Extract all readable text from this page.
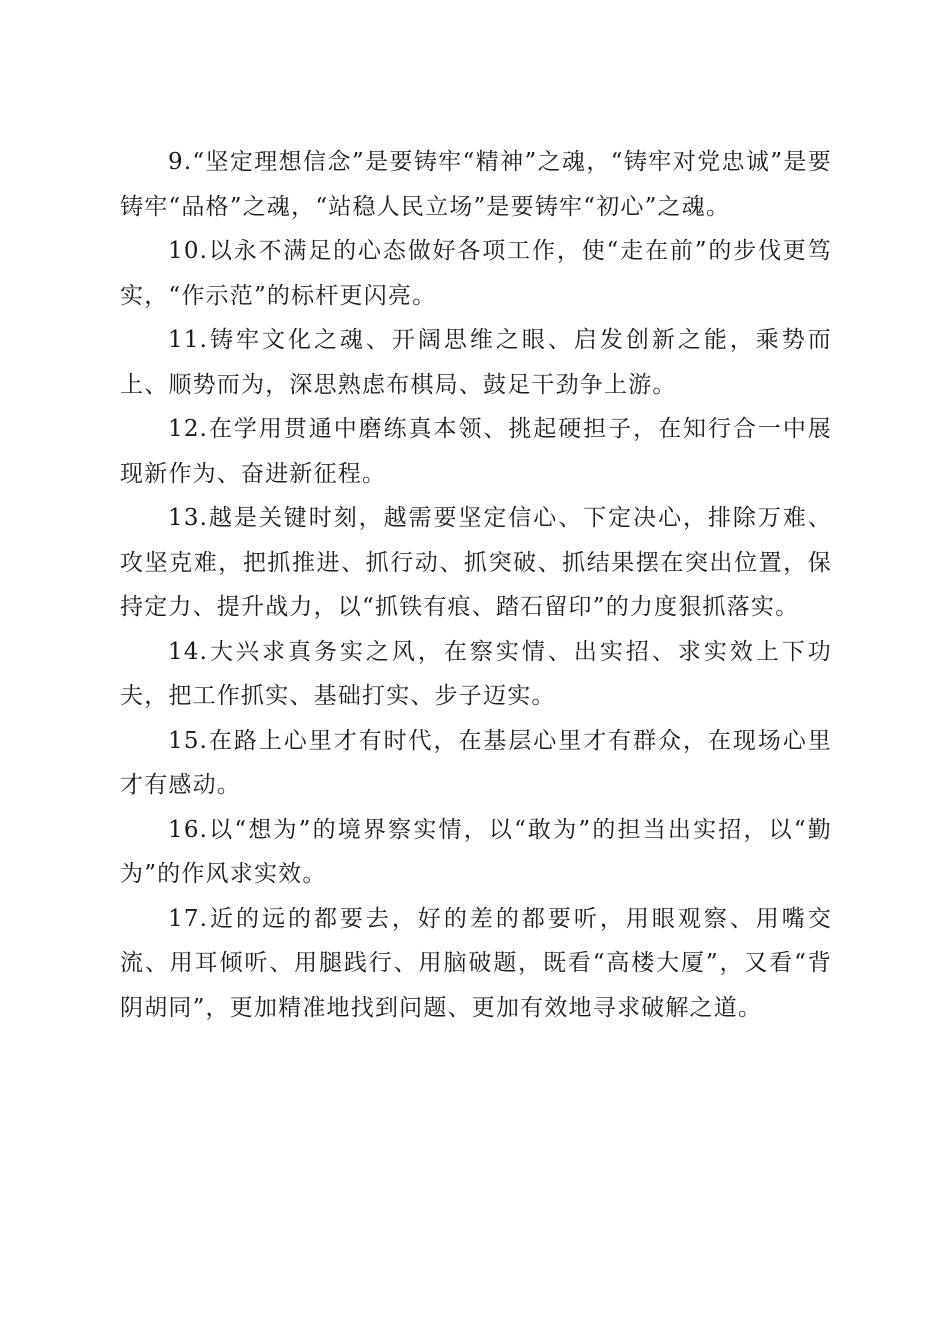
9.“坚定理想信念”是要铸牢“精神”之魂，“铸牢对党忠诚”是要铸牢“品格”之魂，“站稳人民立场”是要铸牢“初心”之魂。

10.以永不满足的心态做好各项工作，使“走在前”的步伐更笃实，“作示范”的标杆更闪亮。

11.铸牢文化之魂、开阔思维之眼、启发创新之能，乘势而上、顺势而为，深思熟虑布棋局、鼓足干劲争上游。

12.在学用贯通中磨练真本领、挑起硬担子，在知行合一中展现新作为、奋进新征程。

13.越是关键时刻，越需要坚定信心、下定决心，排除万难、攻坚克难，把抓推进、抓行动、抓突破、抓结果摆在突出位置，保持定力、提升战力，以“抓铁有痕、踏石留印”的力度狠抓落实。

14.大兴求真务实之风，在察实情、出实招、求实效上下功夫，把工作抓实、基础打实、步子迈实。

15.在路上心里才有时代，在基层心里才有群众，在现场心里才有感动。

16.以“想为”的境界察实情，以“敢为”的担当出实招，以“勤为”的作风求实效。

17.近的远的都要去，好的差的都要听，用眼观察、用嘴交流、用耳倾听、用腿践行、用脑破题，既看“高楼大厦”，又看“背阴胡同”，更加精准地找到问题、更加有效地寻求破解之道。
